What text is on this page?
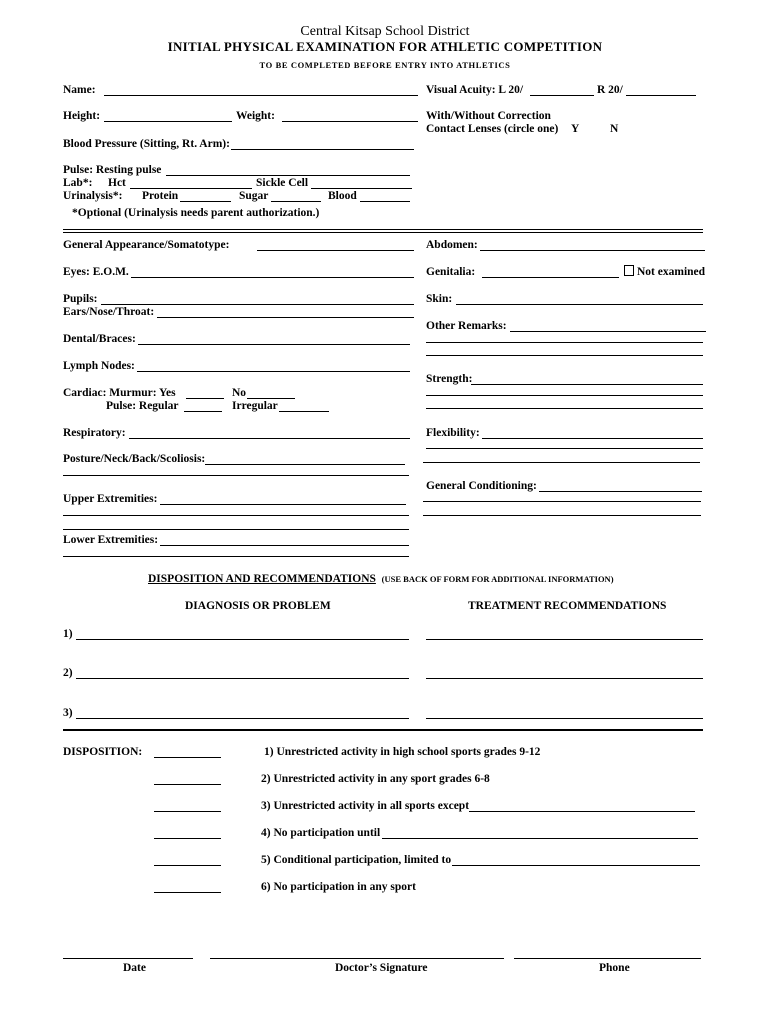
Central Kitsap School District
INITIAL PHYSICAL EXAMINATION FOR ATHLETIC COMPETITION
TO BE COMPLETED BEFORE ENTRY INTO ATHLETICS
Name:	Visual Acuity: L 20/	R 20/
Height:	Weight:	With/Without Correction
Contact Lenses (circle one) Y	N
Blood Pressure (Sitting, Rt. Arm):
Pulse: Resting pulse
Lab*: Hct	Sickle Cell
Urinalysis*: Protein	Sugar	Blood
*Optional (Urinalysis needs parent authorization.)
General Appearance/Somatotype:
Eyes: E.O.M.
Pupils:
Ears/Nose/Throat:
Dental/Braces:
Lymph Nodes:
Cardiac: Murmur: Yes	No
Pulse: Regular	Irregular
Respiratory:
Posture/Neck/Back/Scoliosis:
Upper Extremities:
Lower Extremities:
Abdomen:
Genitalia:	Not examined
Skin:
Other Remarks:
Strength:
Flexibility:
General Conditioning:
DISPOSITION AND RECOMMENDATIONS (USE BACK OF FORM FOR ADDITIONAL INFORMATION)
DIAGNOSIS OR PROBLEM	TREATMENT RECOMMENDATIONS
1)
2)
3)
DISPOSITION:	1) Unrestricted activity in high school sports grades 9-12
2) Unrestricted activity in any sport grades 6-8
3) Unrestricted activity in all sports except
4) No participation until
5) Conditional participation, limited to
6) No participation in any sport
Date	Doctor’s Signature	Phone
